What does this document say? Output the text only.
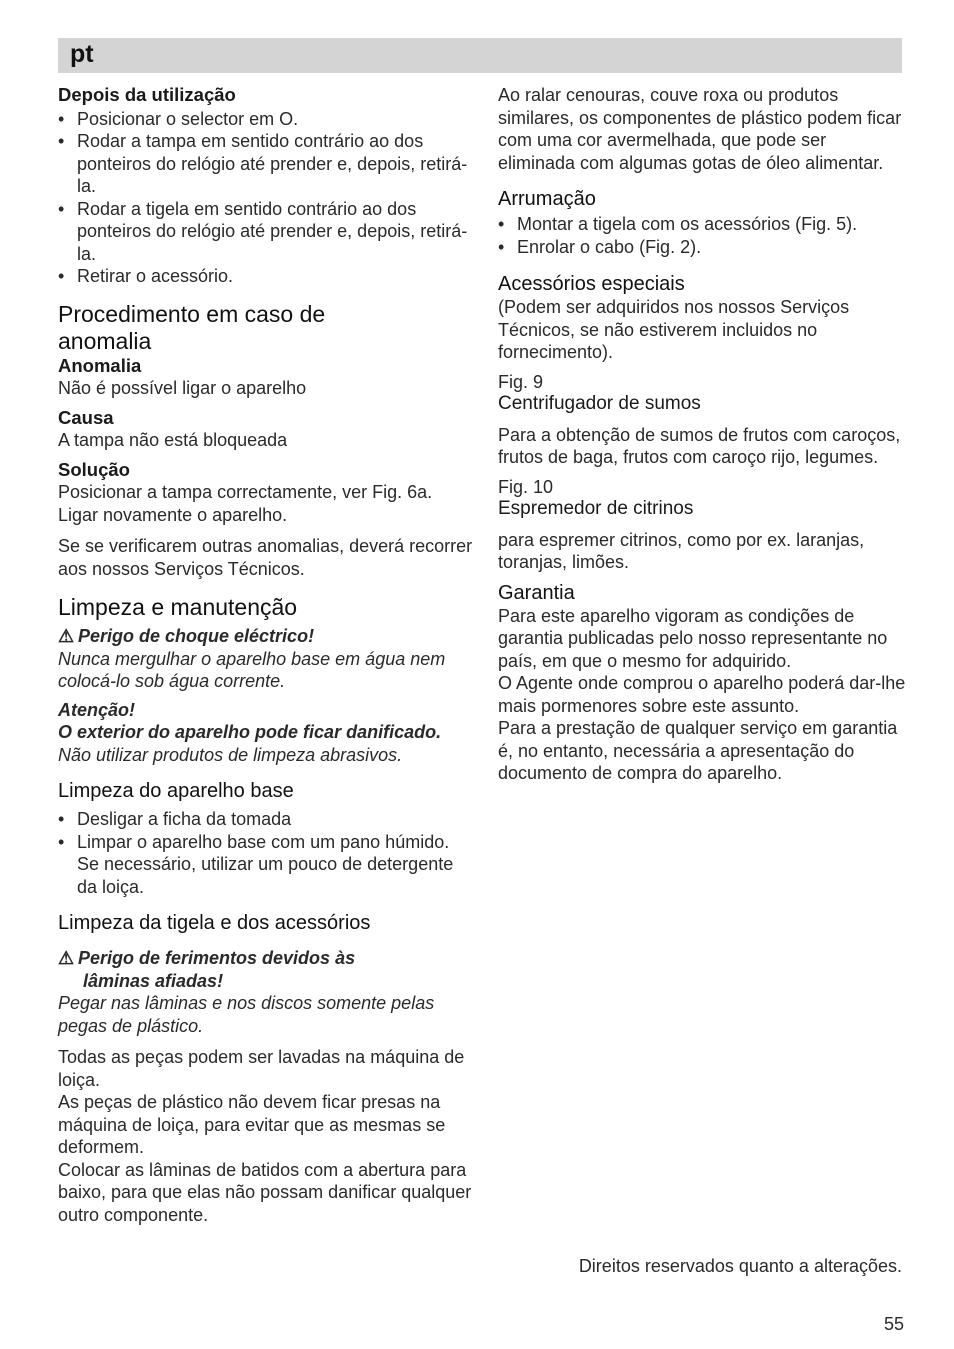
pt

Depois da utilização

• Posicionar o selector em O.
• Rodar a tampa em sentido contrário ao dos ponteiros do relógio até prender e, depois, retirá-la.
• Rodar a tigela em sentido contrário ao dos ponteiros do relógio até prender e, depois, retirá-la.
• Retirar o acessório.

Procedimento em caso de

anomalia

Anomalia

Não é possível ligar o aparelho

Causa

A tampa não está bloqueada

Solução

Posicionar a tampa correctamente, ver Fig. 6a.

Ligar novamente o aparelho.

Se se verificarem outras anomalias, deverá recorrer aos nossos Serviços Técnicos.

Limpeza e manutenção

⚠ Perigo de choque eléctrico!

Nunca mergulhar o aparelho base em água nem colocá-lo sob água corrente.

Atenção!

O exterior do aparelho pode ficar danificado.

Não utilizar produtos de limpeza abrasivos.

Limpeza do aparelho base

• Desligar a ficha da tomada
• Limpar o aparelho base com um pano húmido.
Se necessário, utilizar um pouco de detergente da loiça.

Limpeza da tigela e dos acessórios

⚠ Perigo de ferimentos devidos às

lâminas afiadas!

Pegar nas lâminas e nos discos somente pelas pegas de plástico.

Todas as peças podem ser lavadas na máquina de loiça.

As peças de plástico não devem ficar presas na máquina de loiça, para evitar que as mesmas se deformem.

Colocar as lâminas de batidos com a abertura para baixo, para que elas não possam danificar qualquer outro componente.

Ao ralar cenouras, couve roxa ou produtos similares, os componentes de plástico podem ficar com uma cor avermelhada, que pode ser eliminada com algumas gotas de óleo alimentar.

Arrumação

• Montar a tigela com os acessórios (Fig. 5).
• Enrolar o cabo (Fig. 2).

Acessórios especiais

(Podem ser adquiridos nos nossos Serviços Técnicos, se não estiverem incluidos no fornecimento).

Fig. 9

Centrifugador de sumos

Para a obtenção de sumos de frutos com caroços, frutos de baga, frutos com caroço rijo, legumes.

Fig. 10

Espremedor de citrinos

para espremer citrinos, como por ex. laranjas, toranjas, limões.

Garantia

Para este aparelho vigoram as condições de garantia publicadas pelo nosso representante no país, em que o mesmo for adquirido.

O Agente onde comprou o aparelho poderá dar-lhe mais pormenores sobre este assunto.

Para a prestação de qualquer serviço em garantia é, no entanto, necessária a apresentação do documento de compra do aparelho.

Direitos reservados quanto a alterações.
55
